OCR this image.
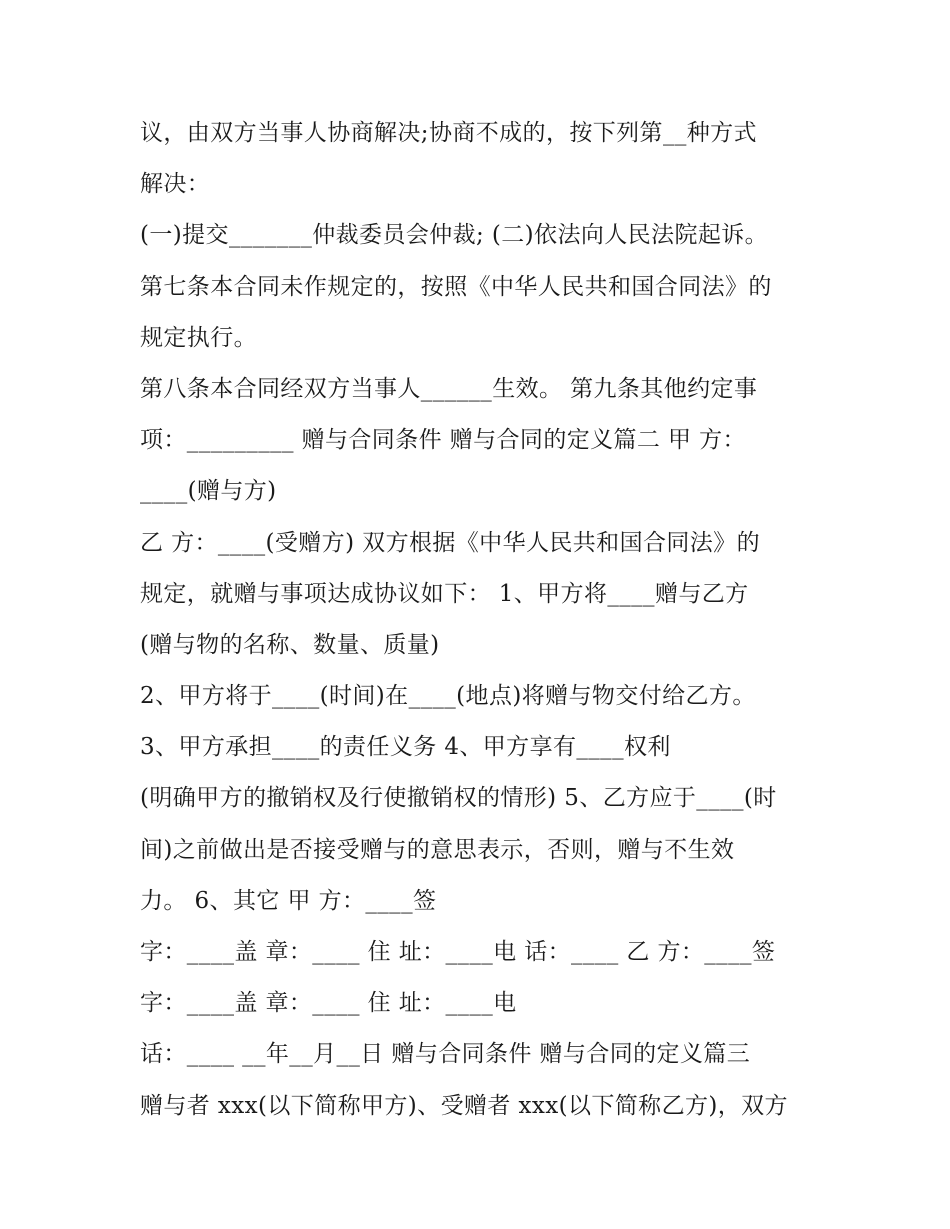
议，由双方当事人协商解决;协商不成的，按下列第__种方式
解决：
(一)提交_______仲裁委员会仲裁; (二)依法向人民法院起诉。
第七条本合同未作规定的，按照《中华人民共和国合同法》的
规定执行。
第八条本合同经双方当事人______生效。 第九条其他约定事
项：_________ 赠与合同条件 赠与合同的定义篇二 甲 方：
____(赠与方)
乙 方：____(受赠方) 双方根据《中华人民共和国合同法》的
规定，就赠与事项达成协议如下： 1、甲方将____赠与乙方
(赠与物的名称、数量、质量)
2、甲方将于____(时间)在____(地点)将赠与物交付给乙方。
3、甲方承担____的责任义务 4、甲方享有____权利
(明确甲方的撤销权及行使撤销权的情形) 5、乙方应于____(时
间)之前做出是否接受赠与的意思表示，否则，赠与不生效
力。 6、其它 甲 方：____签
字：____盖 章：____ 住 址：____电 话：____ 乙 方：____签
字：____盖 章：____ 住 址：____电
话：____ __年__月__日 赠与合同条件 赠与合同的定义篇三
赠与者 xxx(以下简称甲方)、受赠者 xxx(以下简称乙方)，双方
